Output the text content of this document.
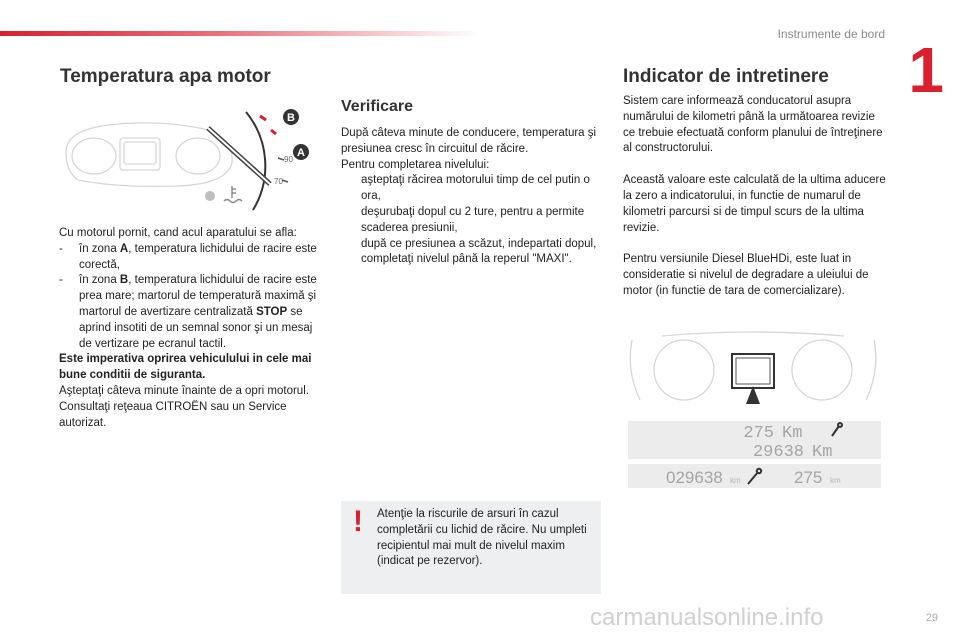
Instrumente de bord 1
Temperatura apa motor
B
A
90
70

Cu motorul pornit, cand acul aparatului se afla:

- în zona A, temperatura lichidului de racire este corectă,

- în zona B, temperatura lichidului de racire este prea mare; martorul de temperatură maximă şi martorul de avertizare centralizată STOP se aprind insotiti de un semnal sonor şi un mesaj de vertizare pe ecranul tactil.

Este imperativa oprirea vehiculului in cele mai bune conditii de siguranta.

Aşteptaţi câteva minute înainte de a opri motorul.

Consultaţi reţeaua CITROËN sau un Service autorizat.

Verificare

După câteva minute de conducere, temperatura şi presiunea cresc în circuitul de răcire.

Pentru completarea nivelului:

aşteptaţi răcirea motorului timp de cel putin o ora,

deşurubaţi dopul cu 2 ture, pentru a permite scaderea presiunii,

după ce presiunea a scăzut, indepartati dopul,

completaţi nivelul până la reperul "MAXI".

! Atenţie la riscurile de arsuri în cazul completării cu lichid de răcire. Nu umpleti recipientul mai mult de nivelul maxim (indicat pe rezervor).
Indicator de intretinere

Sistem care informează conducatorul asupra numărului de kilometri până la următoarea revizie ce trebuie efectuată conform planului de întreţinere al constructorului.

Această valoare este calculată de la ultima aducere la zero a indicatorului, in functie de numarul de kilometri parcursi si de timpul scurs de la ultima revizie.

Pentru versiunile Diesel BlueHDi, este luat in consideratie si nivelul de degradare a uleiului de motor (in functie de tara de comercializare).

275 Km
29638 Km
029638 km	275 km
carmanualsonline.info	29
